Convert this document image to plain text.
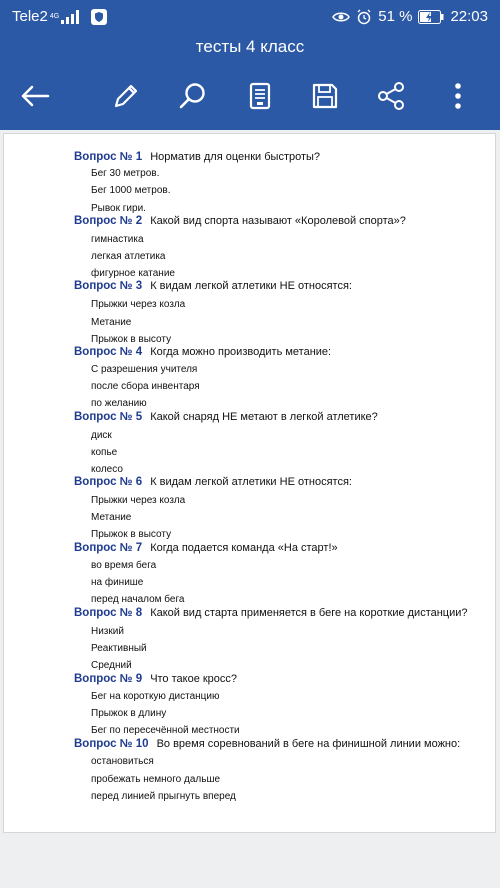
Tele2 4G	51 %	22:03
тесты 4 класс
Вопрос № 1 Норматив для оценки быстроты?
Бег 30 метров.
Бег 1000 метров.
Рывок гири.
Вопрос № 2 Какой вид спорта называют «Королевой спорта»?
гимнастика
легкая атлетика
фигурное катание
Вопрос № 3 К видам легкой атлетики НЕ относятся:
Прыжки через козла
Метание
Прыжок в высоту
Вопрос № 4 Когда можно производить метание:
С разрешения учителя
после сбора инвентаря
по желанию
Вопрос № 5 Какой снаряд НЕ метают в легкой атлетике?
диск
копье
колесо
Вопрос № 6 К видам легкой атлетики НЕ относятся:
Прыжки через козла
Метание
Прыжок в высоту
Вопрос № 7 Когда подается команда «На старт!»
во время бега
на финише
перед началом бега
Вопрос № 8 Какой вид старта применяется в беге на короткие дистанции?
Низкий
Реактивный
Средний
Вопрос № 9 Что такое кросс?
Бег на короткую дистанцию
Прыжок в длину
Бег по пересечённой местности
Вопрос № 10 Во время соревнований в беге на финишной линии можно:
остановиться
пробежать немного дальше
перед линией прыгнуть вперед
